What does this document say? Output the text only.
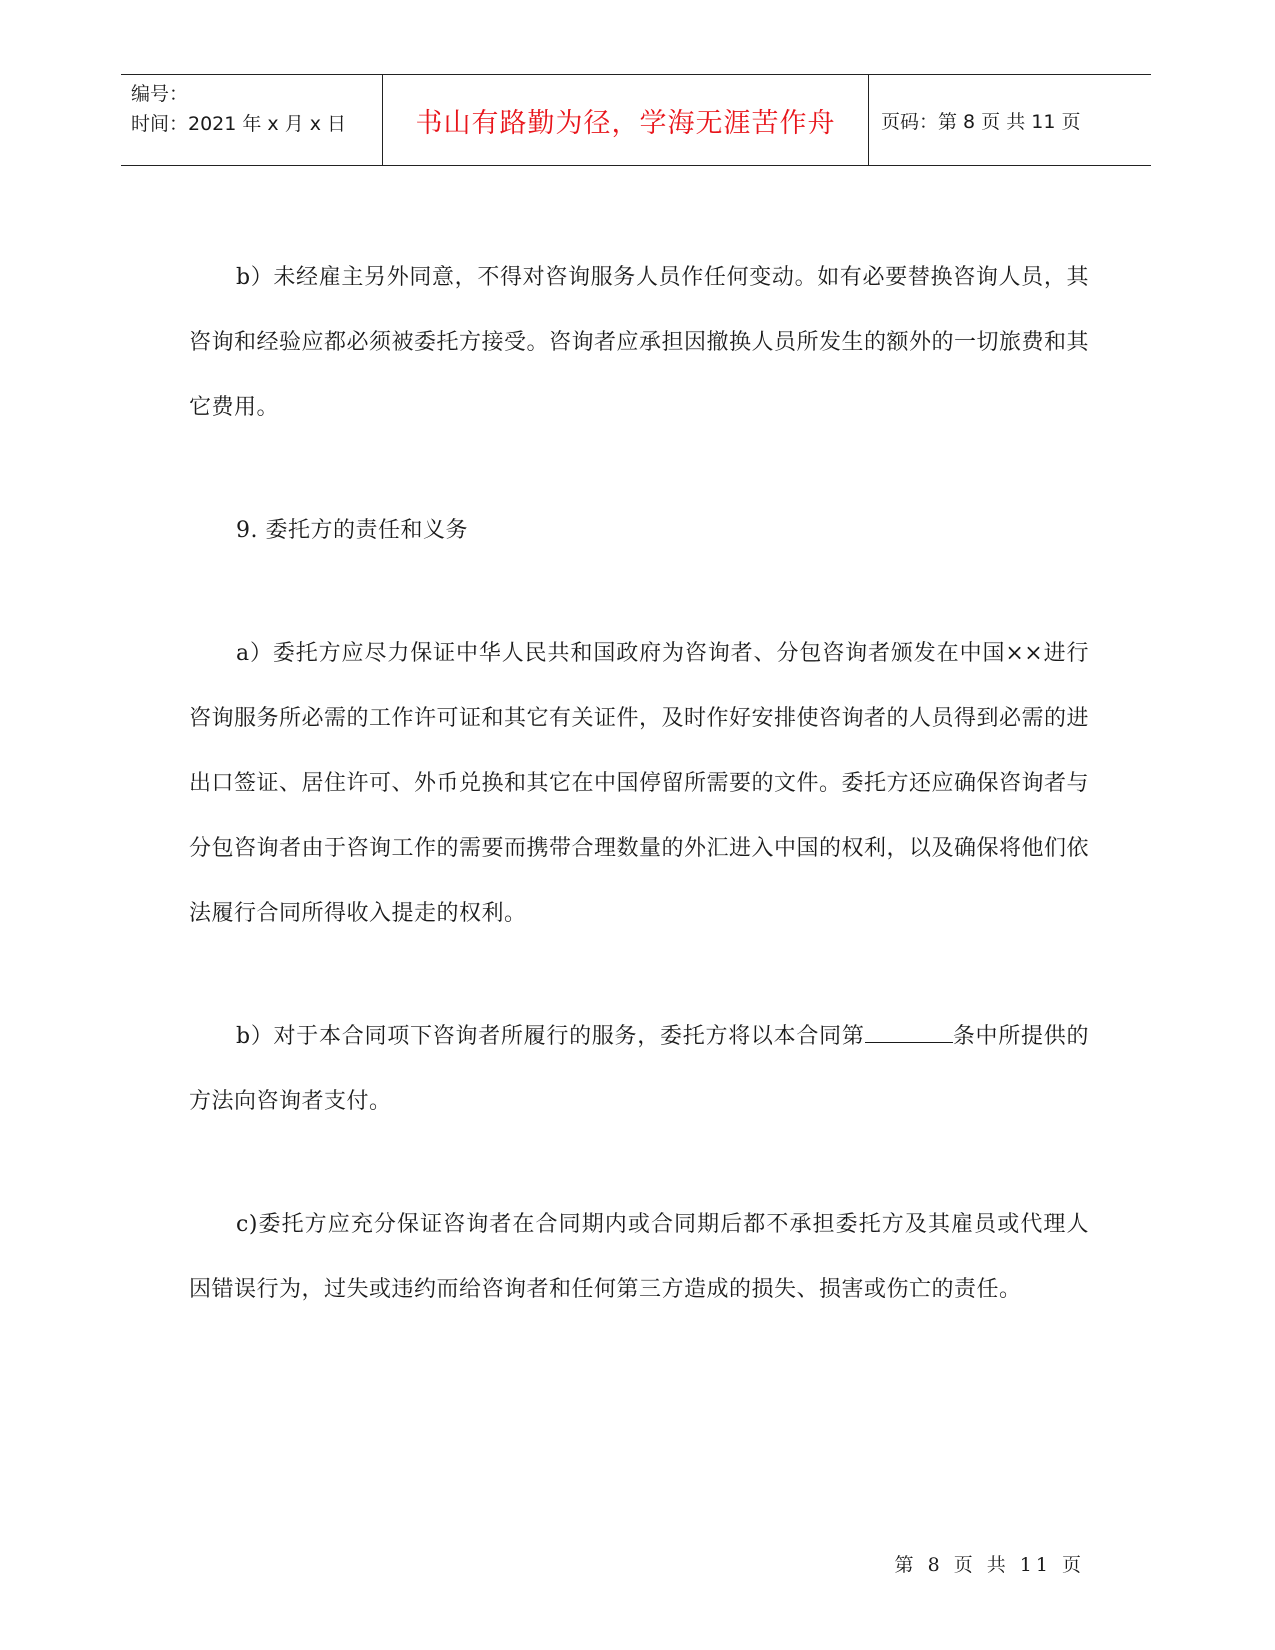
编号：
时间：2021 年 x 月 x 日	书山有路勤为径，学海无涯苦作舟 页码：第 8 页 共 11 页

b）未经雇主另外同意，不得对咨询服务人员作任何变动。如有必要替换咨询人员，其咨询和经验应都必须被委托方接受。咨询者应承担因撤换人员所发生的额外的一切旅费和其它费用。

9. 委托方的责任和义务

a）委托方应尽力保证中华人民共和国政府为咨询者、分包咨询者颁发在中国××进行咨询服务所必需的工作许可证和其它有关证件，及时作好安排使咨询者的人员得到必需的进出口签证、居住许可、外币兑换和其它在中国停留所需要的文件。委托方还应确保咨询者与分包咨询者由于咨询工作的需要而携带合理数量的外汇进入中国的权利，以及确保将他们依法履行合同所得收入提走的权利。

b）对于本合同项下咨询者所履行的服务，委托方将以本合同第	条中所提供的方法向咨询者支付。

c)委托方应充分保证咨询者在合同期内或合同期后都不承担委托方及其雇员或代理人因错误行为，过失或违约而给咨询者和任何第三方造成的损失、损害或伤亡的责任。

第 8 页 共 11 页
